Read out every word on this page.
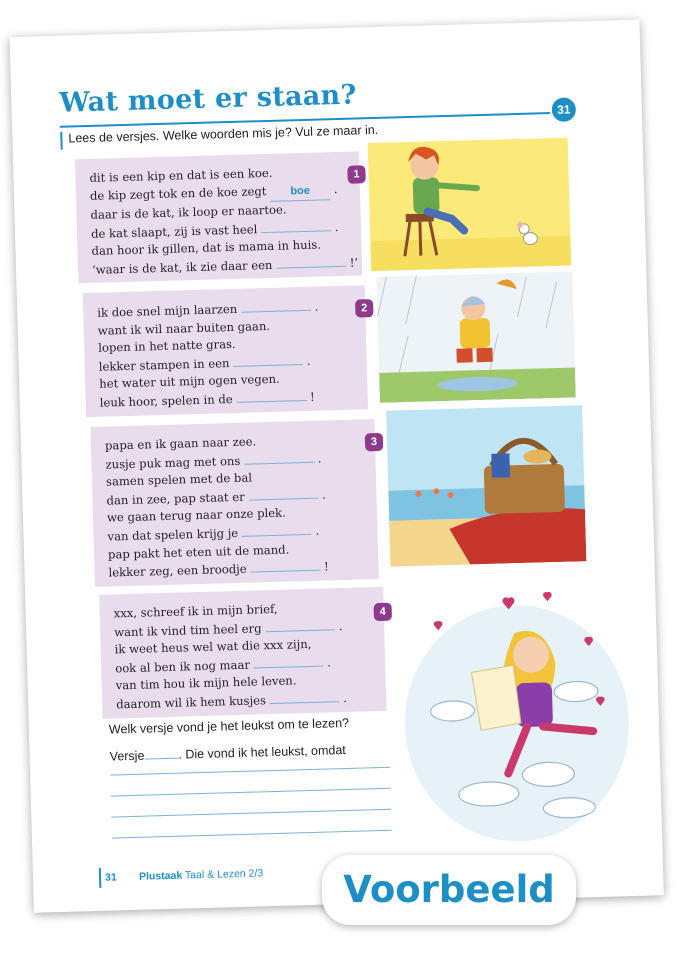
Wat moet er staan?	31
Lees de versjes. Welke woorden mis je? Vul ze maar in.
dit is een kip en dat is een koe.
de kip zegt tok en de koe zegt boe .
daar is de kat, ik loop er naartoe.
de kat slaapt, zij is vast heel	.
dan hoor ik gillen, dat is mama in huis.
‘waar is de kat, ik zie daar een	!’
1
ik doe snel mijn laarzen	.
want ik wil naar buiten gaan.
lopen in het natte gras.
lekker stampen in een	.
het water uit mijn ogen vegen.
leuk hoor, spelen in de	!
2
papa en ik gaan naar zee.
zusje puk mag met ons	.
samen spelen met de bal
dan in zee, pap staat er	.
we gaan terug naar onze plek.
van dat spelen krijg je	.
pap pakt het eten uit de mand.
lekker zeg, een broodje	!
3
xxx, schreef ik in mijn brief,
want ik vind tim heel erg	.
ik weet heus wel wat die xxx zijn,
ook al ben ik nog maar	.
van tim hou ik mijn hele leven.
daarom wil ik hem kusjes	.
4
Welk versje vond je het leukst om te lezen?
Versje	. Die vond ik het leukst, omdat
31 Plustaak Taal & Lezen 2/3	Voorbeeld
